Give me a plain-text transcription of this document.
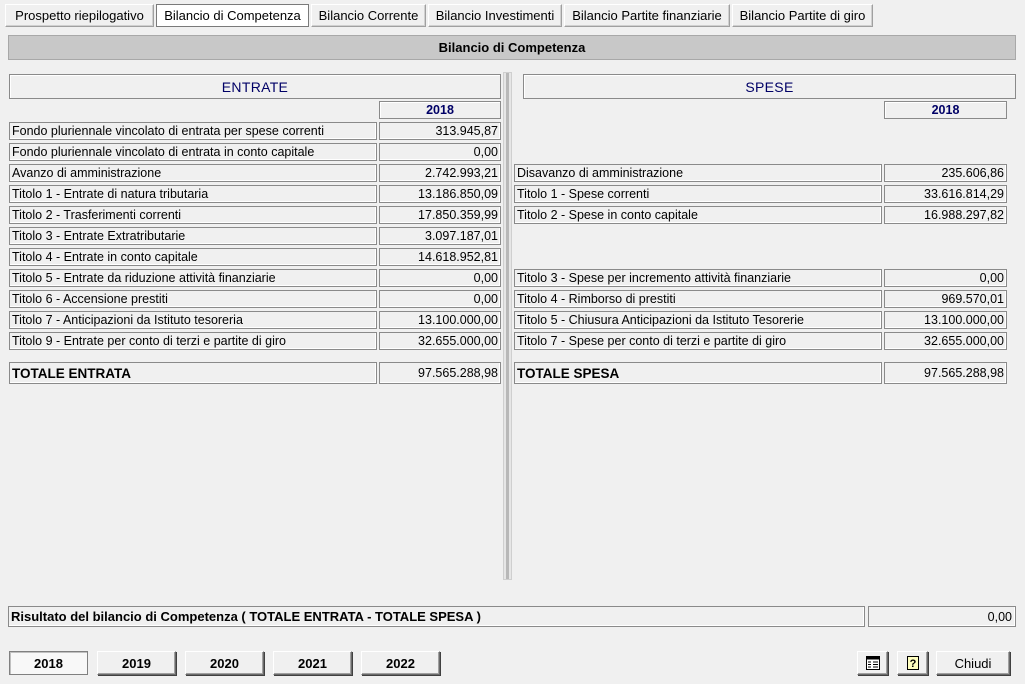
Prospetto riepilogativo	Bilancio di Competenza	Bilancio Corrente	Bilancio Investimenti	Bilancio Partite finanziarie	Bilancio Partite di giro
Bilancio di Competenza
ENTRATE	SPESE
2018	2018
Fondo pluriennale vincolato di entrata per spese correnti	313.945,87
Fondo pluriennale vincolato di entrata in conto capitale	0,00
Avanzo di amministrazione	2.742.993,21
Titolo 1 - Entrate di natura tributaria	13.186.850,09
Titolo 2 - Trasferimenti correnti	17.850.359,99
Titolo 3 - Entrate Extratributarie	3.097.187,01
Titolo 4 - Entrate in conto capitale	14.618.952,81
Titolo 5 - Entrate da riduzione attività finanziarie	0,00
Titolo 6 - Accensione prestiti	0,00
Titolo 7 - Anticipazioni da Istituto tesoreria	13.100.000,00
Titolo 9 - Entrate per conto di terzi e partite di giro	32.655.000,00
TOTALE ENTRATA	97.565.288,98
Disavanzo di amministrazione	235.606,86
Titolo 1 - Spese correnti	33.616.814,29
Titolo 2 - Spese in conto capitale	16.988.297,82
Titolo 3 - Spese per incremento attività finanziarie	0,00
Titolo 4 - Rimborso di prestiti	969.570,01
Titolo 5 - Chiusura Anticipazioni da Istituto Tesorerie	13.100.000,00
Titolo 7 - Spese per conto di terzi e partite di giro	32.655.000,00
TOTALE SPESA	97.565.288,98
Risultato del bilancio di Competenza ( TOTALE ENTRATA - TOTALE SPESA )	0,00
2018	2019	2020	2021	2022	?	Chiudi
